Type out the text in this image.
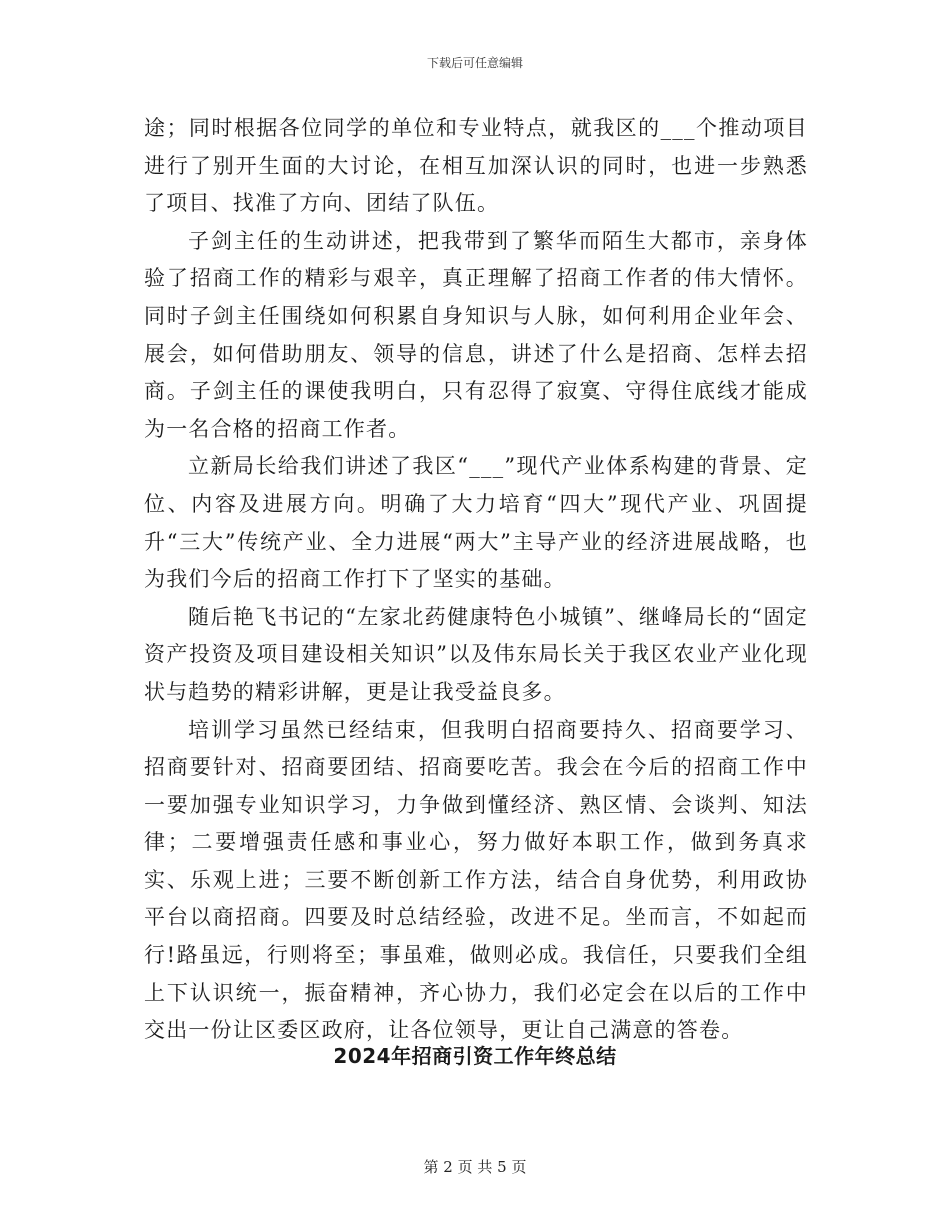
下载后可任意编辑

途；同时根据各位同学的单位和专业特点，就我区的___个推动项目进行了别开生面的大讨论，在相互加深认识的同时，也进一步熟悉了项目、找准了方向、团结了队伍。

子剑主任的生动讲述，把我带到了繁华而陌生大都市，亲身体验了招商工作的精彩与艰辛，真正理解了招商工作者的伟大情怀。同时子剑主任围绕如何积累自身知识与人脉，如何利用企业年会、展会，如何借助朋友、领导的信息，讲述了什么是招商、怎样去招商。子剑主任的课使我明白，只有忍得了寂寞、守得住底线才能成为一名合格的招商工作者。

立新局长给我们讲述了我区“___”现代产业体系构建的背景、定位、内容及进展方向。明确了大力培育“四大”现代产业、巩固提升“三大”传统产业、全力进展“两大”主导产业的经济进展战略，也为我们今后的招商工作打下了坚实的基础。

随后艳飞书记的“左家北药健康特色小城镇”、继峰局长的“固定资产投资及项目建设相关知识”以及伟东局长关于我区农业产业化现状与趋势的精彩讲解，更是让我受益良多。

培训学习虽然已经结束，但我明白招商要持久、招商要学习、招商要针对、招商要团结、招商要吃苦。我会在今后的招商工作中一要加强专业知识学习，力争做到懂经济、熟区情、会谈判、知法律；二要增强责任感和事业心，努力做好本职工作，做到务真求实、乐观上进；三要不断创新工作方法，结合自身优势，利用政协平台以商招商。四要及时总结经验，改进不足。坐而言，不如起而行!路虽远，行则将至；事虽难，做则必成。我信任，只要我们全组上下认识统一，振奋精神，齐心协力，我们必定会在以后的工作中交出一份让区委区政府，让各位领导，更让自己满意的答卷。

2024年招商引资工作年终总结
第 2 页 共 5 页
